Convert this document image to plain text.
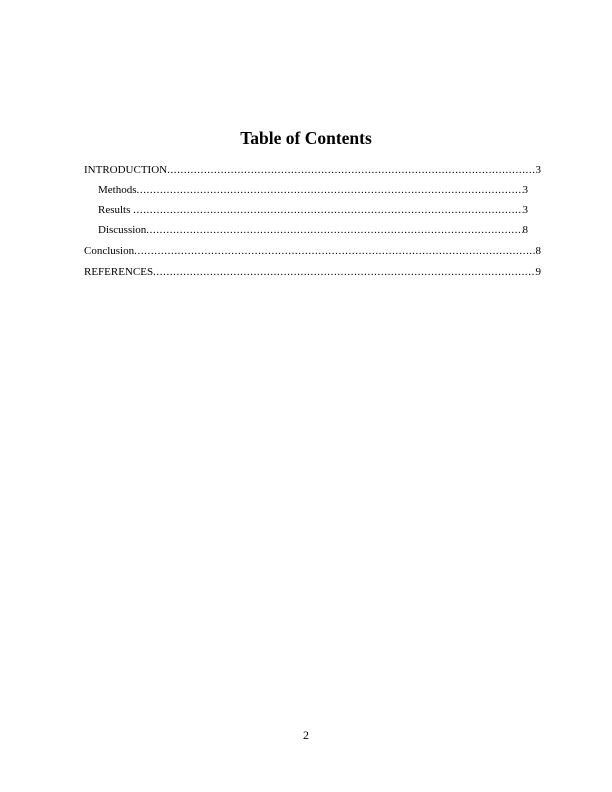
Table of Contents
INTRODUCTION .....	3
Methods .....	3
Results .....	3
Discussion .....	8
Conclusion .....	8
REFERENCES .....	9
2
